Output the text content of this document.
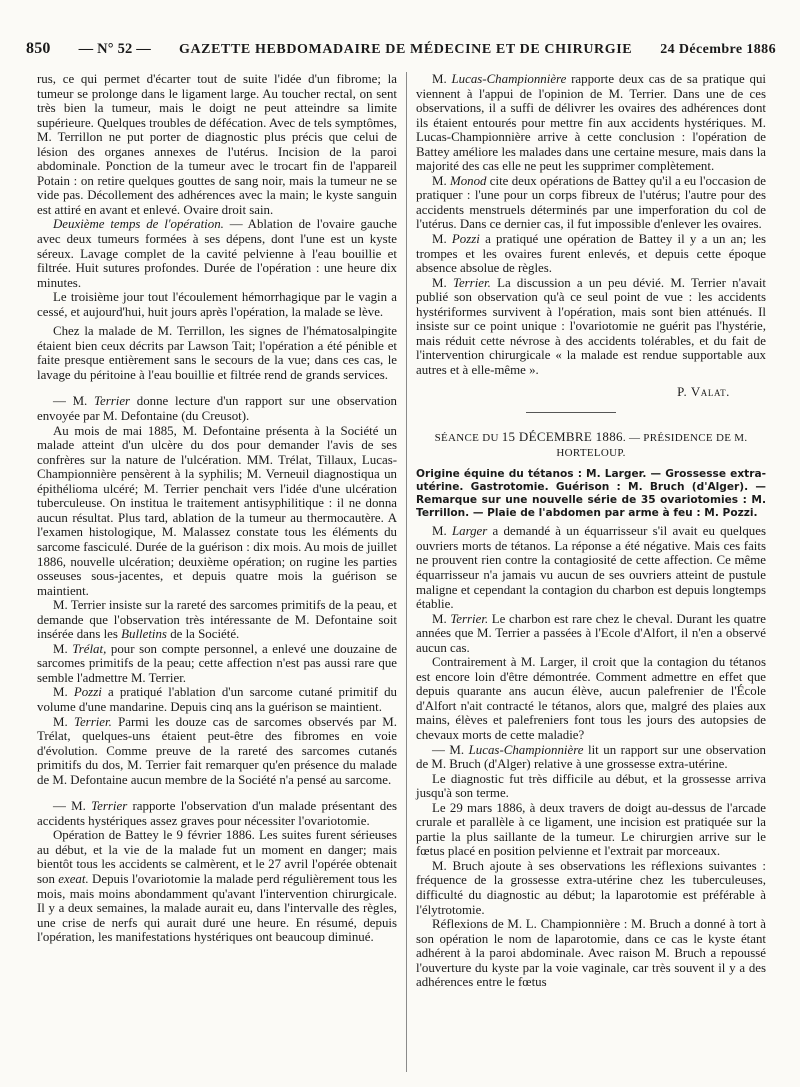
850 — N° 52 — GAZETTE HEBDOMADAIRE DE MÉDECINE ET DE CHIRURGIE 24 Décembre 1886

rus, ce qui permet d'écarter tout de suite l'idée d'un fibrome; la tumeur se prolonge dans le ligament large. Au toucher rectal, on sent très bien la tumeur, mais le doigt ne peut atteindre sa limite supérieure. Quelques troubles de défécation. Avec de tels symptômes, M. Terrillon ne put porter de diagnostic plus précis que celui de lésion des organes annexes de l'utérus. Incision de la paroi abdominale. Ponction de la tumeur avec le trocart fin de l'appareil Potain : on retire quelques gouttes de sang noir, mais la tumeur ne se vide pas. Décollement des adhérences avec la main; le kyste sanguin est attiré en avant et enlevé. Ovaire droit sain.

Deuxième temps de l'opération. — Ablation de l'ovaire gauche avec deux tumeurs formées à ses dépens, dont l'une est un kyste séreux. Lavage complet de la cavité pelvienne à l'eau bouillie et filtrée. Huit sutures profondes. Durée de l'opération : une heure dix minutes.

Le troisième jour tout l'écoulement hémorrhagique par le vagin a cessé, et aujourd'hui, huit jours après l'opération, la malade se lève.

Chez la malade de M. Terrillon, les signes de l'hématosalpingite étaient bien ceux décrits par Lawson Tait; l'opération a été pénible et faite presque entièrement sans le secours de la vue; dans ces cas, le lavage du péritoine à l'eau bouillie et filtrée rend de grands services.

— M. Terrier donne lecture d'un rapport sur une observation envoyée par M. Defontaine (du Creusot).

Au mois de mai 1885, M. Defontaine présenta à la Société un malade atteint d'un ulcère du dos pour demander l'avis de ses confrères sur la nature de l'ulcération. MM. Trélat, Tillaux, Lucas-Championnière pensèrent à la syphilis; M. Verneuil diagnostiqua un épithélioma ulcéré; M. Terrier penchait vers l'idée d'une ulcération tuberculeuse. On institua le traitement antisyphilitique : il ne donna aucun résultat. Plus tard, ablation de la tumeur au thermocautère. A l'examen histologique, M. Malassez constate tous les éléments du sarcome fasciculé. Durée de la guérison : dix mois. Au mois de juillet 1886, nouvelle ulcération; deuxième opération; on rugine les parties osseuses sous-jacentes, et depuis quatre mois la guérison se maintient.

M. Terrier insiste sur la rareté des sarcomes primitifs de la peau, et demande que l'observation très intéressante de M. Defontaine soit insérée dans les Bulletins de la Société.

M. Trélat, pour son compte personnel, a enlevé une douzaine de sarcomes primitifs de la peau; cette affection n'est pas aussi rare que semble l'admettre M. Terrier.

M. Pozzi a pratiqué l'ablation d'un sarcome cutané primitif du volume d'une mandarine. Depuis cinq ans la guérison se maintient.

M. Terrier. Parmi les douze cas de sarcomes observés par M. Trélat, quelques-uns étaient peut-être des fibromes en voie d'évolution. Comme preuve de la rareté des sarcomes cutanés primitifs du dos, M. Terrier fait remarquer qu'en présence du malade de M. Defontaine aucun membre de la Société n'a pensé au sarcome.

— M. Terrier rapporte l'observation d'un malade présentant des accidents hystériques assez graves pour nécessiter l'ovariotomie.

Opération de Battey le 9 février 1886. Les suites furent sérieuses au début, et la vie de la malade fut un moment en danger; mais bientôt tous les accidents se calmèrent, et le 27 avril l'opérée obtenait son exeat. Depuis l'ovariotomie la malade perd régulièrement tous les mois, mais moins abondamment qu'avant l'intervention chirurgicale. Il y a deux semaines, la malade aurait eu, dans l'intervalle des règles, une crise de nerfs qui aurait duré une heure. En résumé, depuis l'opération, les manifestations hystériques ont beaucoup diminué.

M. Lucas-Championnière rapporte deux cas de sa pratique qui viennent à l'appui de l'opinion de M. Terrier. Dans une de ces observations, il a suffi de délivrer les ovaires des adhérences dont ils étaient entourés pour mettre fin aux accidents hystériques. M. Lucas-Championnière arrive à cette conclusion : l'opération de Battey améliore les malades dans une certaine mesure, mais dans la majorité des cas elle ne peut les supprimer complètement.

M. Monod cite deux opérations de Battey qu'il a eu l'occasion de pratiquer : l'une pour un corps fibreux de l'utérus; l'autre pour des accidents menstruels déterminés par une imperforation du col de l'utérus. Dans ce dernier cas, il fut impossible d'enlever les ovaires.

M. Pozzi a pratiqué une opération de Battey il y a un an; les trompes et les ovaires furent enlevés, et depuis cette époque absence absolue de règles.

M. Terrier. La discussion a un peu dévié. M. Terrier n'avait publié son observation qu'à ce seul point de vue : les accidents hystériformes survivent à l'opération, mais sont bien atténués. Il insiste sur ce point unique : l'ovariotomie ne guérit pas l'hystérie, mais réduit cette névrose à des accidents tolérables, et du fait de l'intervention chirurgicale « la malade est rendue supportable aux autres et à elle-même ».

P. Valat.
SÉANCE DU 15 DÉCEMBRE 1886. — PRÉSIDENCE DE M. HORTELOUP.
Origine équine du tétanos : M. Larger. — Grossesse extra-utérine. Gastrotomie. Guérison : M. Bruch (d'Alger). — Remarque sur une nouvelle série de 35 ovariotomies : M. Terrillon. — Plaie de l'abdomen par arme à feu : M. Pozzi.

M. Larger a demandé à un équarrisseur s'il avait eu quelques ouvriers morts de tétanos. La réponse a été négative. Mais ces faits ne prouvent rien contre la contagiosité de cette affection. Ce même équarrisseur n'a jamais vu aucun de ses ouvriers atteint de pustule maligne et cependant la contagion du charbon est depuis longtemps établie.

M. Terrier. Le charbon est rare chez le cheval. Durant les quatre années que M. Terrier a passées à l'Ecole d'Alfort, il n'en a observé aucun cas.

Contrairement à M. Larger, il croit que la contagion du tétanos est encore loin d'être démontrée. Comment admettre en effet que depuis quarante ans aucun élève, aucun palefrenier de l'École d'Alfort n'ait contracté le tétanos, alors que, malgré des plaies aux mains, élèves et palefreniers font tous les jours des autopsies de chevaux morts de cette maladie?

— M. Lucas-Championnière lit un rapport sur une observation de M. Bruch (d'Alger) relative à une grossesse extra-utérine.

Le diagnostic fut très difficile au début, et la grossesse arriva jusqu'à son terme.

Le 29 mars 1886, à deux travers de doigt au-dessus de l'arcade crurale et parallèle à ce ligament, une incision est pratiquée sur la partie la plus saillante de la tumeur. Le chirurgien arrive sur le fœtus placé en position pelvienne et l'extrait par morceaux.

M. Bruch ajoute à ses observations les réflexions suivantes : fréquence de la grossesse extra-utérine chez les tuberculeuses, difficulté du diagnostic au début; la laparotomie est préférable à l'élytrotomie.

Réflexions de M. L. Championnière : M. Bruch a donné à tort à son opération le nom de laparotomie, dans ce cas le kyste étant adhérent à la paroi abdominale. Avec raison M. Bruch a repoussé l'ouverture du kyste par la voie vaginale, car très souvent il y a des adhérences entre le fœtus
